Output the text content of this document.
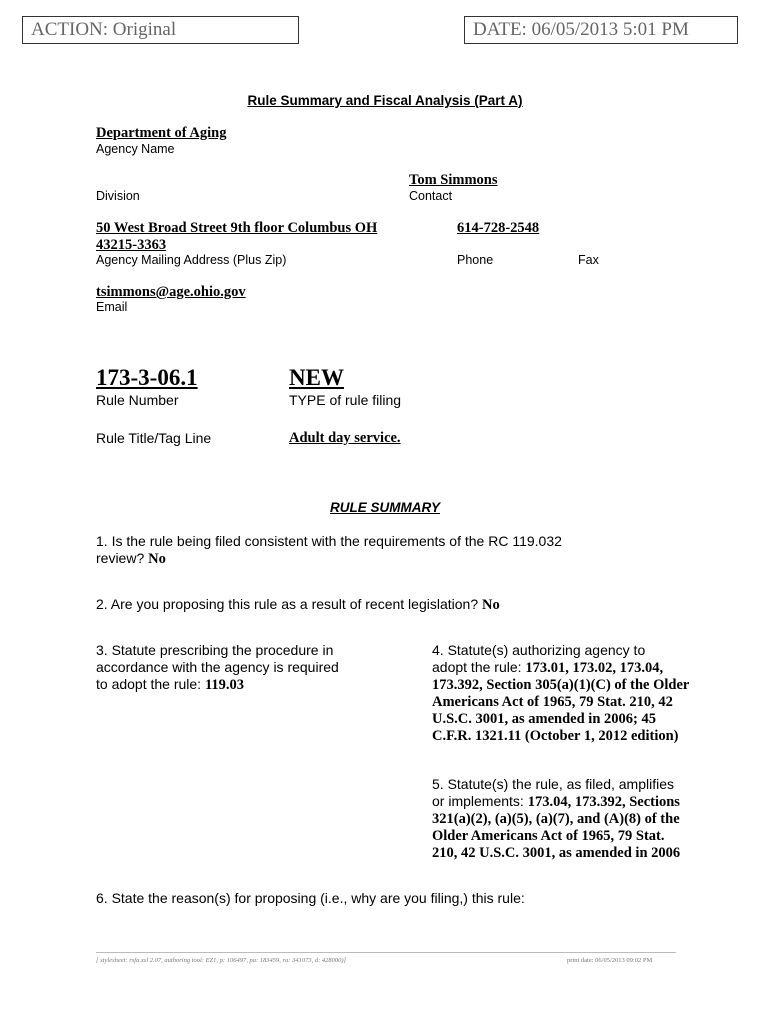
ACTION: Original	DATE: 06/05/2013 5:01 PM
Rule Summary and Fiscal Analysis (Part A)
Department of Aging
Agency Name
Tom Simmons
Division	Contact
50 West Broad Street 9th floor Columbus OH
43215-3363
614-728-2548
Agency Mailing Address (Plus Zip)	Phone	Fax
tsimmons@age.ohio.gov
Email
173-3-06.1	NEW
Rule Number	TYPE of rule filing
Rule Title/Tag Line	Adult day service.
RULE SUMMARY
1. Is the rule being filed consistent with the requirements of the RC 119.032
review? No
2. Are you proposing this rule as a result of recent legislation? No
3. Statute prescribing the procedure in
accordance with the agency is required
to adopt the rule: 119.03
4. Statute(s) authorizing agency to
adopt the rule: 173.01, 173.02, 173.04,
173.392, Section 305(a)(1)(C) of the Older
Americans Act of 1965, 79 Stat. 210, 42
U.S.C. 3001, as amended in 2006; 45
C.F.R. 1321.11 (October 1, 2012 edition)
5. Statute(s) the rule, as filed, amplifies
or implements: 173.04, 173.392, Sections
321(a)(2), (a)(5), (a)(7), and (A)(8) of the
Older Americans Act of 1965, 79 Stat.
210, 42 U.S.C. 3001, as amended in 2006
6. State the reason(s) for proposing (i.e., why are you filing,) this rule:
[ stylesheet: rsfa.xsl 2.07, authoring tool: EZ1, p: 106497, pa: 183459, ra: 341073, d: 428000)]	print date: 06/05/2013 09:02 PM
